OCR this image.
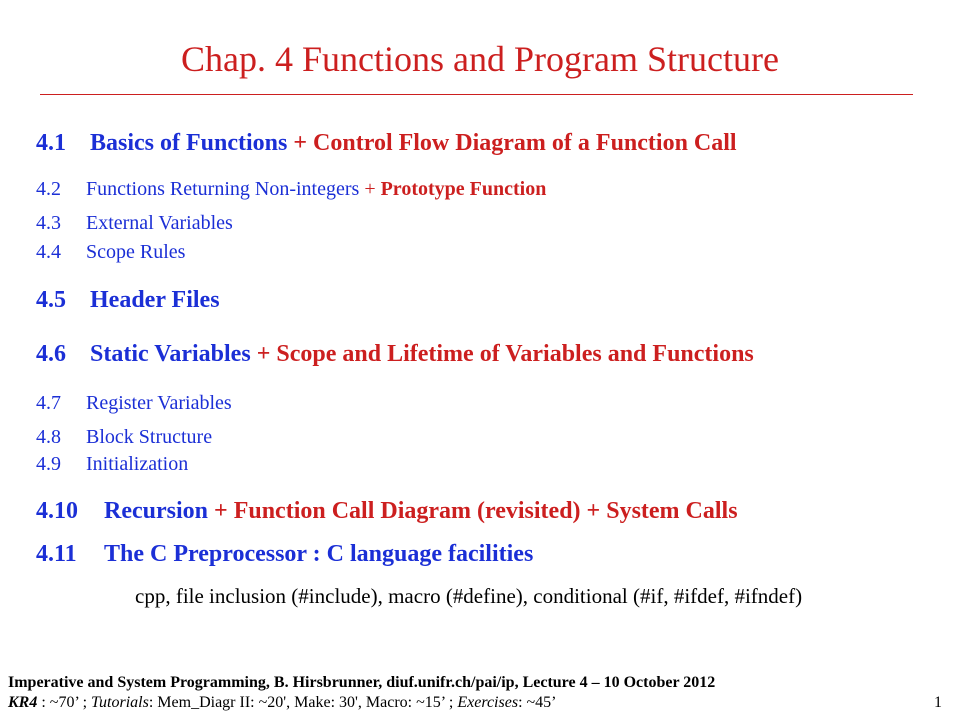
Chap. 4 Functions and Program Structure
4.1 Basics of Functions + Control Flow Diagram of a Function Call
4.2 Functions Returning Non-integers + Prototype Function
4.3 External Variables
4.4 Scope Rules
4.5 Header Files
4.6 Static Variables + Scope and Lifetime of Variables and Functions
4.7 Register Variables
4.8 Block Structure
4.9 Initialization
4.10 Recursion + Function Call Diagram (revisited) + System Calls
4.11 The C Preprocessor : C language facilities
cpp, file inclusion (#include), macro (#define), conditional (#if, #ifdef, #ifndef)
Imperative and System Programming, B. Hirsbrunner, diuf.unifr.ch/pai/ip, Lecture 4 – 10 October 2012
KR4 : ~70’ ; Tutorials: Mem_Diagr II: ~20', Make: 30', Macro: ~15’ ; Exercises: ~45’	1
